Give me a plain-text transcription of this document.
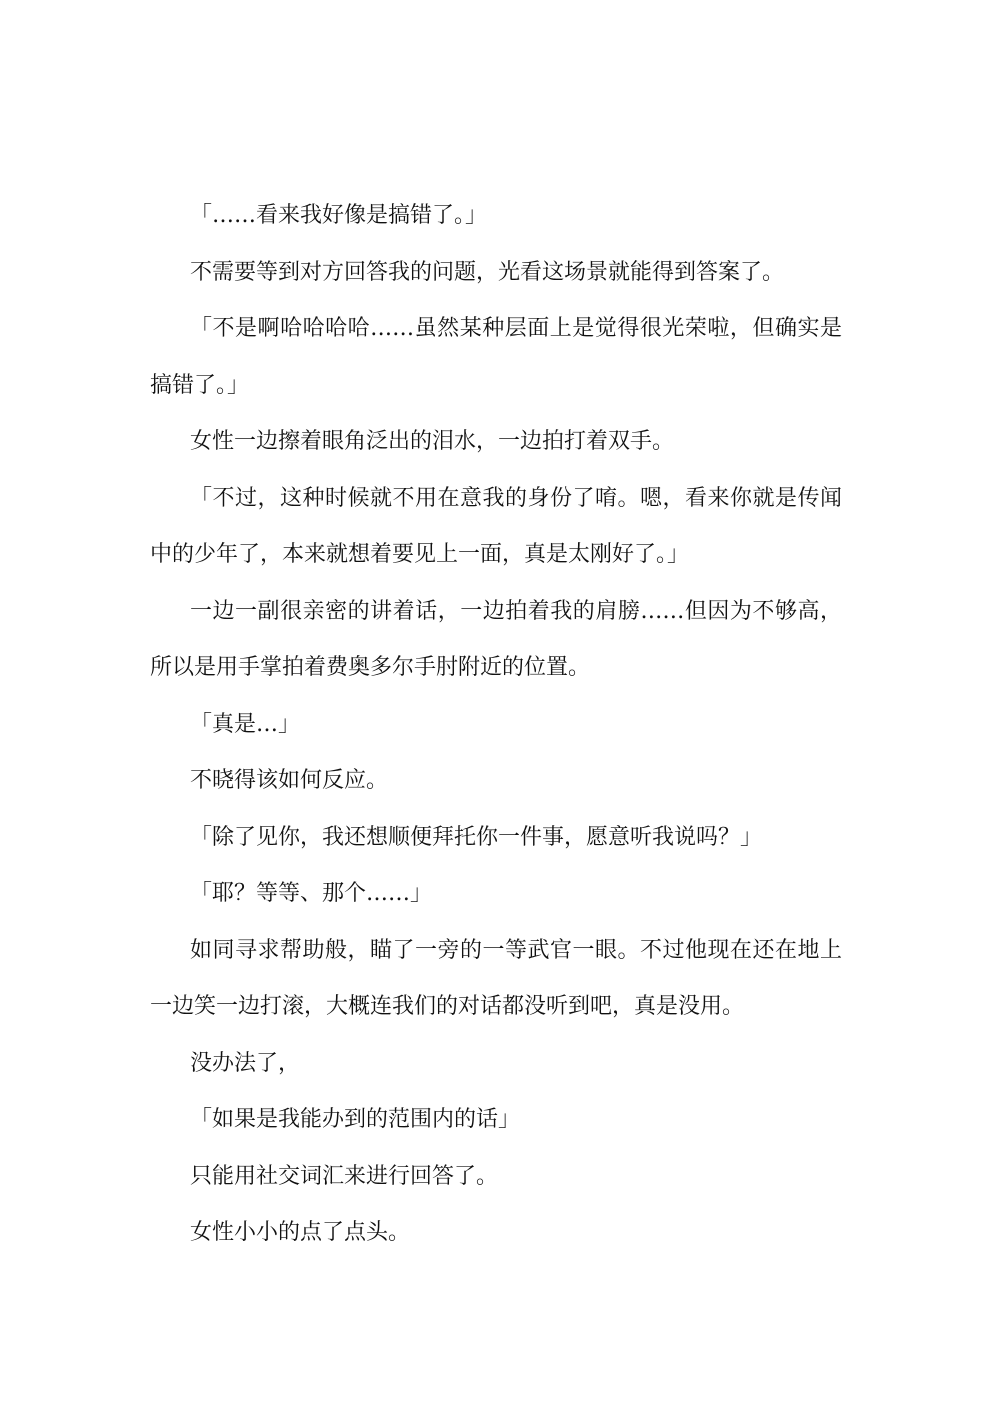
「……看来我好像是搞错了。」

不需要等到对方回答我的问题，光看这场景就能得到答案了。

「不是啊哈哈哈哈……虽然某种层面上是觉得很光荣啦，但确实是搞错了。」

女性一边擦着眼角泛出的泪水，一边拍打着双手。

「不过，这种时候就不用在意我的身份了唷。嗯，看来你就是传闻中的少年了，本来就想着要见上一面，真是太刚好了。」

一边一副很亲密的讲着话，一边拍着我的肩膀……但因为不够高，所以是用手掌拍着费奥多尔手肘附近的位置。

「真是…」

不晓得该如何反应。

「除了见你，我还想顺便拜托你一件事，愿意听我说吗？」

「耶？等等、那个……」

如同寻求帮助般，瞄了一旁的一等武官一眼。不过他现在还在地上一边笑一边打滚，大概连我们的对话都没听到吧，真是没用。

没办法了，

「如果是我能办到的范围内的话」

只能用社交词汇来进行回答了。

女性小小的点了点头。
